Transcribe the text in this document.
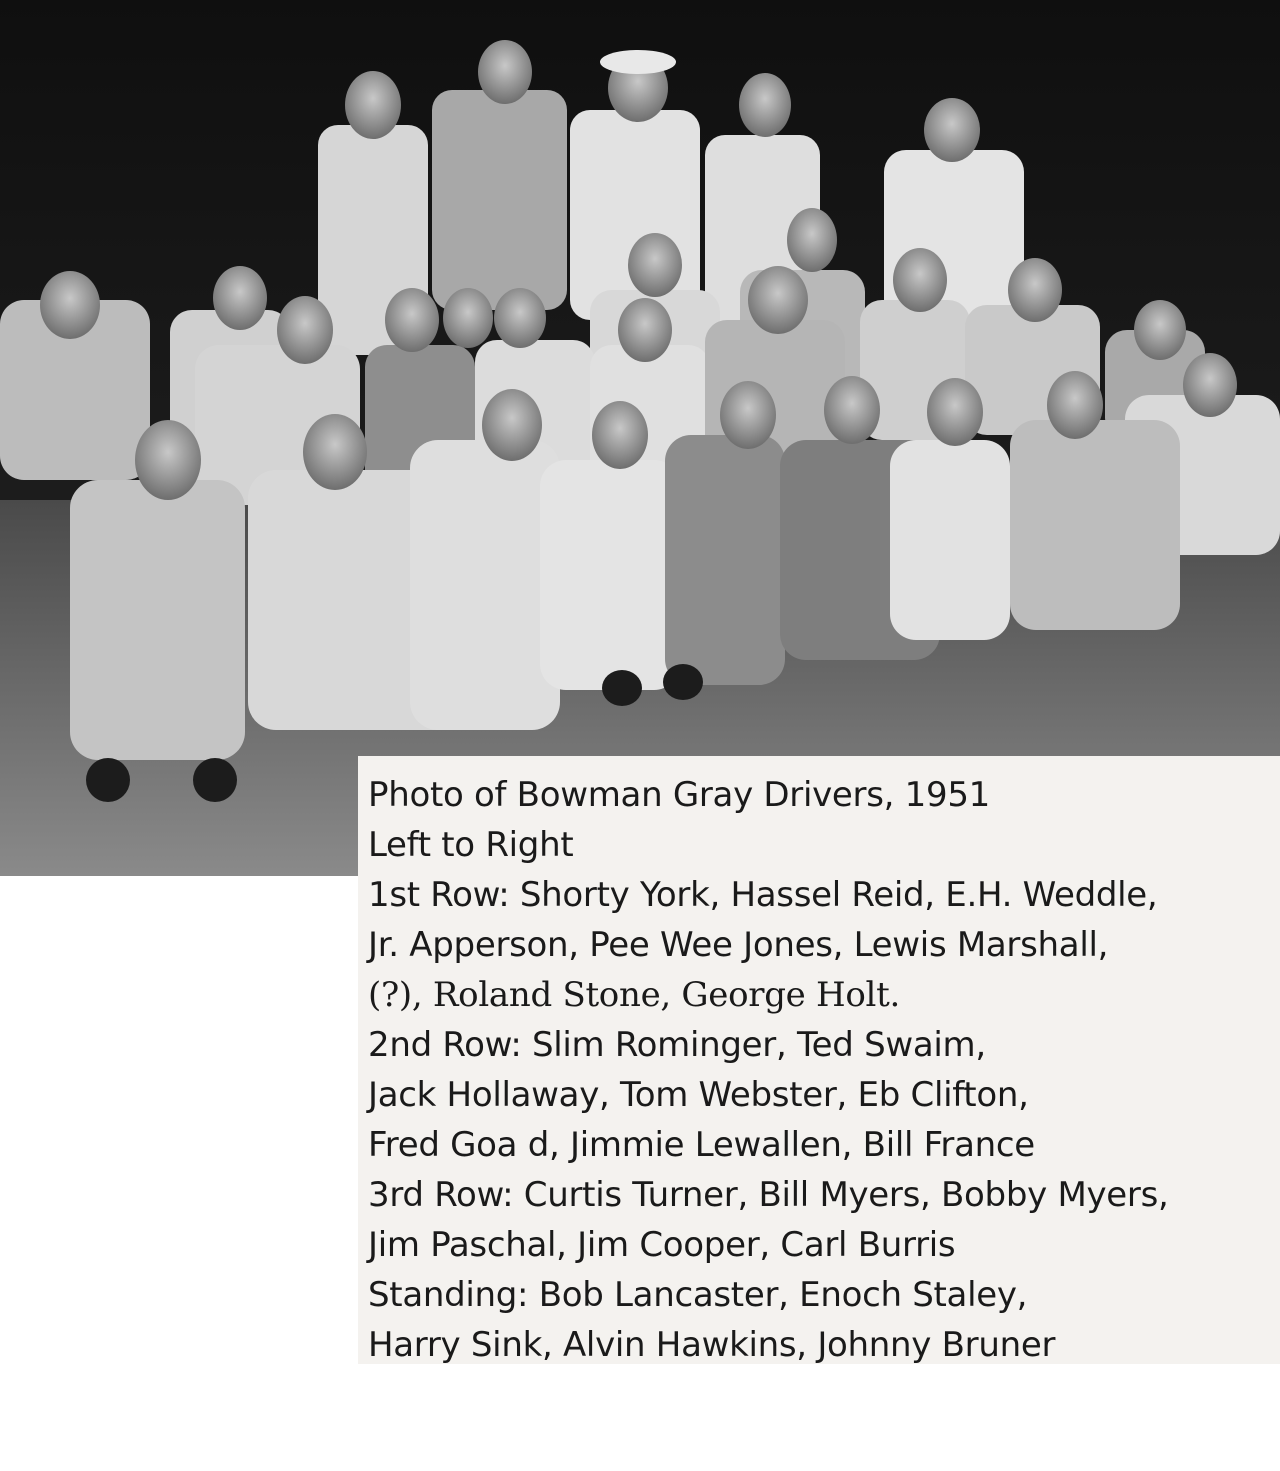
Photo of Bowman Gray Drivers, 1951
Left to Right
1st Row: Shorty York, Hassel Reid, E.H. Weddle,
Jr. Apperson, Pee Wee Jones, Lewis Marshall,
(?), Roland Stone, George Holt.
2nd Row: Slim Rominger, Ted Swaim,
Jack Hollaway, Tom Webster, Eb Clifton,
Fred Goa d, Jimmie Lewallen, Bill France
3rd Row: Curtis Turner, Bill Myers, Bobby Myers,
Jim Paschal, Jim Cooper, Carl Burris
Standing: Bob Lancaster, Enoch Staley,
Harry Sink, Alvin Hawkins, Johnny Bruner
